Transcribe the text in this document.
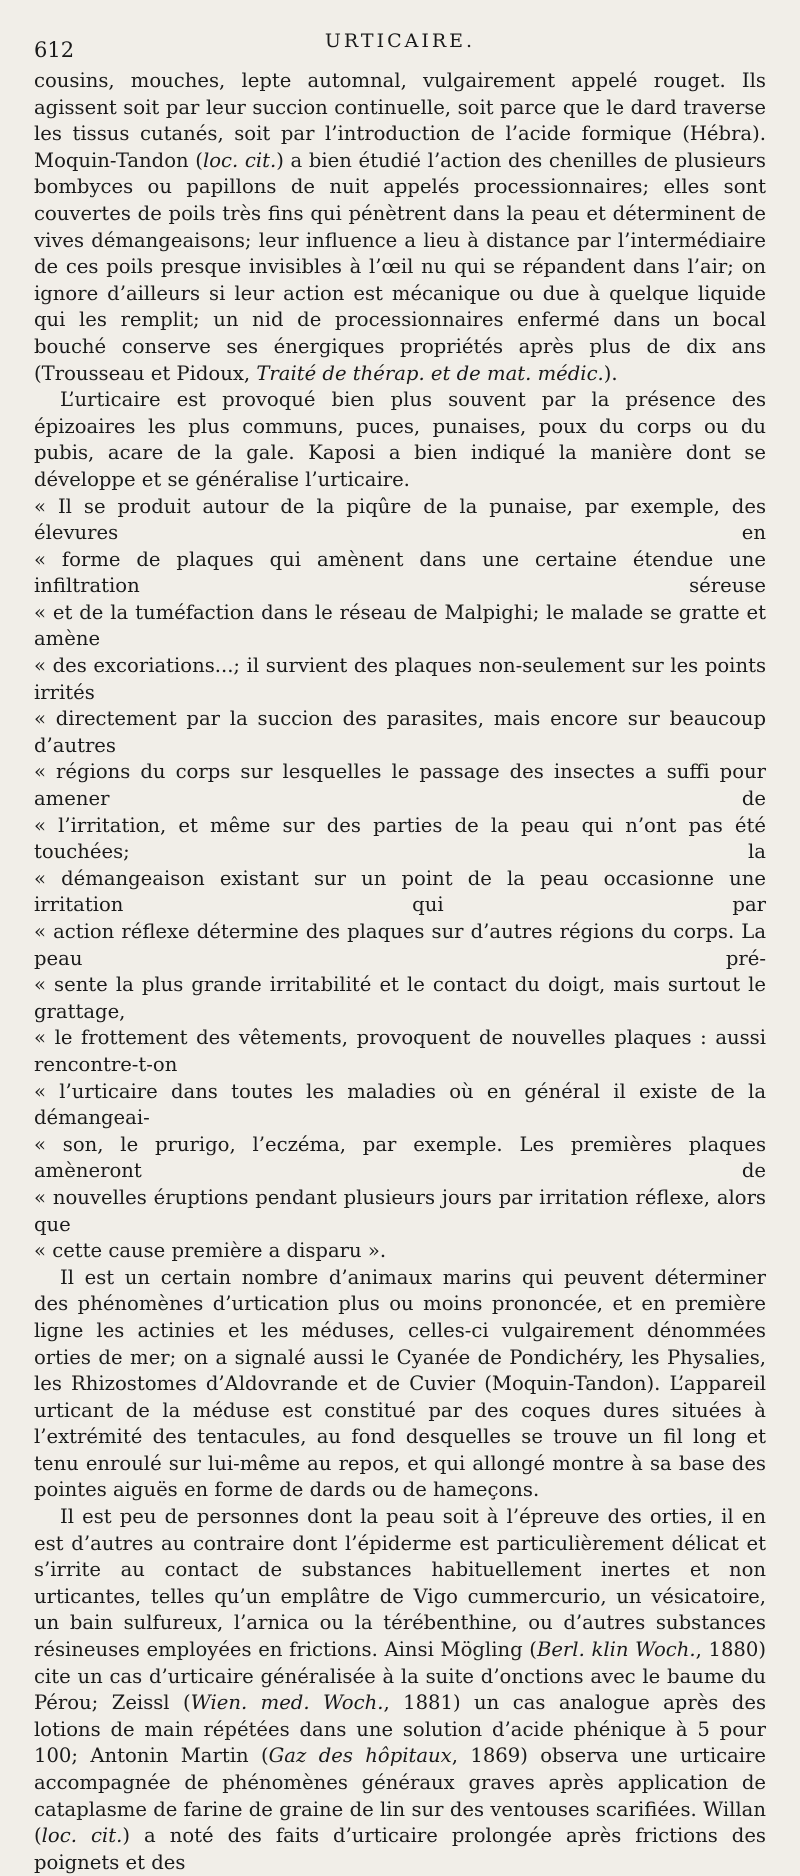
612	URTICAIRE.

cousins, mouches, lepte automnal, vulgairement appelé rouget. Ils agissent soit par leur succion continuelle, soit parce que le dard traverse les tissus cutanés, soit par l’introduction de l’acide formique (Hébra). Moquin-Tandon (loc. cit.) a bien étudié l’action des chenilles de plusieurs bombyces ou papillons de nuit appelés processionnaires; elles sont couvertes de poils très fins qui pénètrent dans la peau et déterminent de vives démangeaisons; leur influence a lieu à distance par l’intermédiaire de ces poils presque invisibles à l’œil nu qui se répandent dans l’air; on ignore d’ailleurs si leur action est mécanique ou due à quelque liquide qui les remplit; un nid de processionnaires enfermé dans un bocal bouché conserve ses énergiques propriétés après plus de dix ans (Trousseau et Pidoux, Traité de thérap. et de mat. médic.).

L’urticaire est provoqué bien plus souvent par la présence des épizoaires les plus communs, puces, punaises, poux du corps ou du pubis, acare de la gale. Kaposi a bien indiqué la manière dont se développe et se généralise l’urticaire.

« Il se produit autour de la piqûre de la punaise, par exemple, des élevures en
« forme de plaques qui amènent dans une certaine étendue une infiltration séreuse
« et de la tuméfaction dans le réseau de Malpighi; le malade se gratte et amène
« des excoriations...; il survient des plaques non-seulement sur les points irrités
« directement par la succion des parasites, mais encore sur beaucoup d’autres
« régions du corps sur lesquelles le passage des insectes a suffi pour amener de
« l’irritation, et même sur des parties de la peau qui n’ont pas été touchées; la
« démangeaison existant sur un point de la peau occasionne une irritation qui par
« action réflexe détermine des plaques sur d’autres régions du corps. La peau pré-
« sente la plus grande irritabilité et le contact du doigt, mais surtout le grattage,
« le frottement des vêtements, provoquent de nouvelles plaques : aussi rencontre-t-on
« l’urticaire dans toutes les maladies où en général il existe de la démangeai-
« son, le prurigo, l’eczéma, par exemple. Les premières plaques amèneront de
« nouvelles éruptions pendant plusieurs jours par irritation réflexe, alors que
« cette cause première a disparu ».

Il est un certain nombre d’animaux marins qui peuvent déterminer des phénomènes d’urtication plus ou moins prononcée, et en première ligne les actinies et les méduses, celles-ci vulgairement dénommées orties de mer; on a signalé aussi le Cyanée de Pondichéry, les Physalies, les Rhizostomes d’Aldovrande et de Cuvier (Moquin-Tandon). L’appareil urticant de la méduse est constitué par des coques dures situées à l’extrémité des tentacules, au fond desquelles se trouve un fil long et tenu enroulé sur lui-même au repos, et qui allongé montre à sa base des pointes aiguës en forme de dards ou de hameçons.

Il est peu de personnes dont la peau soit à l’épreuve des orties, il en est d’autres au contraire dont l’épiderme est particulièrement délicat et s’irrite au contact de substances habituellement inertes et non urticantes, telles qu’un emplâtre de Vigo cummercurio, un vésicatoire, un bain sulfureux, l’arnica ou la térébenthine, ou d’autres substances résineuses employées en frictions. Ainsi Mögling (Berl. klin Woch., 1880) cite un cas d’urticaire généralisée à la suite d’onctions avec le baume du Pérou; Zeissl (Wien. med. Woch., 1881) un cas analogue après des lotions de main répétées dans une solution d’acide phénique à 5 pour 100; Antonin Martin (Gaz des hôpitaux, 1869) observa une urticaire accompagnée de phénomènes généraux graves après application de cataplasme de farine de graine de lin sur des ventouses scarifiées. Willan (loc. cit.) a noté des faits d’urticaire prolongée après frictions des poignets et des
